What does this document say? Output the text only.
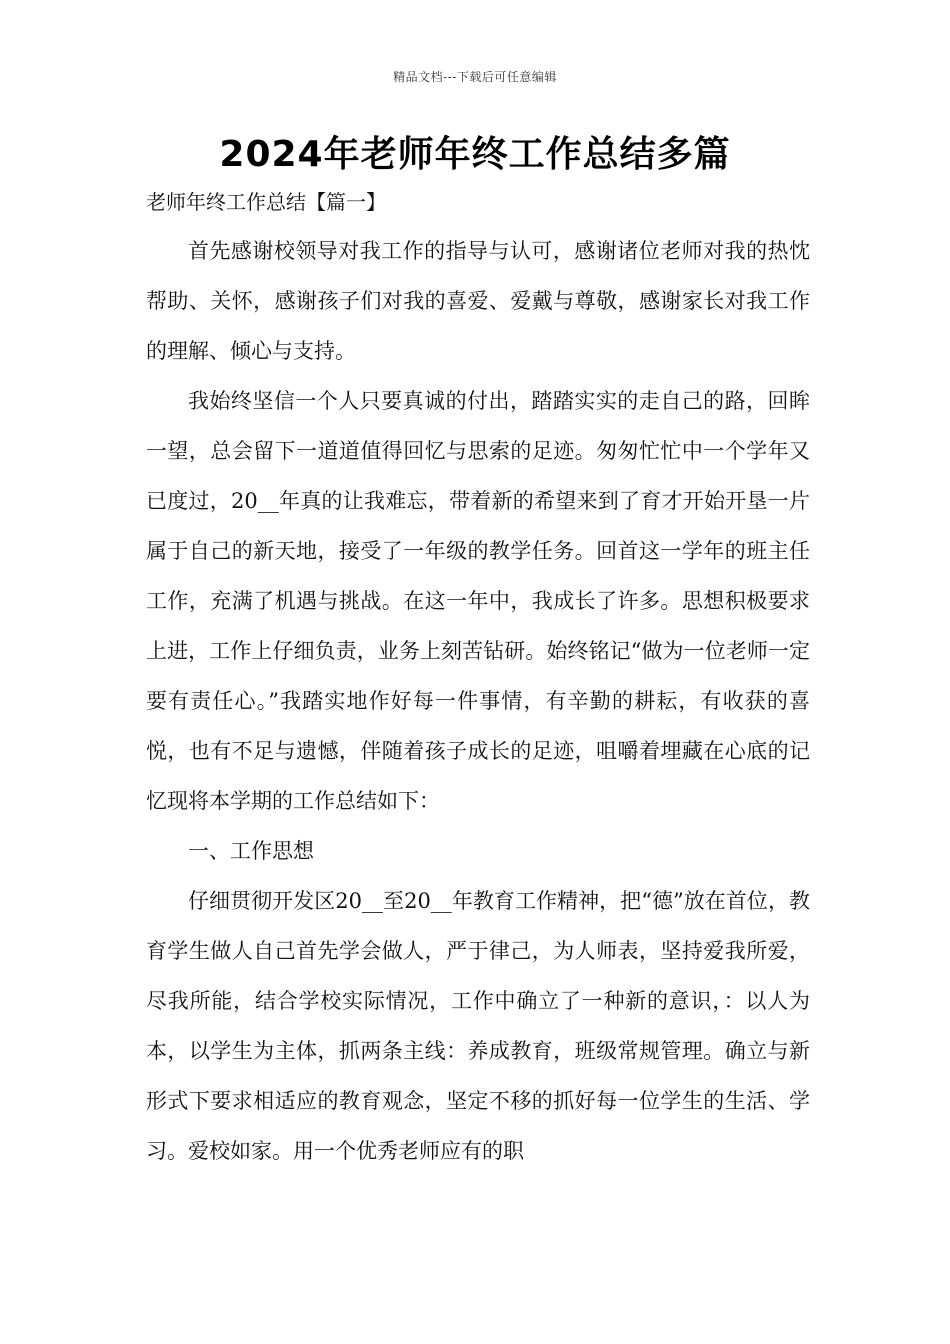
精品文档---下载后可任意编辑
2024年老师年终工作总结多篇
老师年终工作总结【篇一】

首先感谢校领导对我工作的指导与认可，感谢诸位老师对我的热忱帮助、关怀，感谢孩子们对我的喜爱、爱戴与尊敬，感谢家长对我工作的理解、倾心与支持。

我始终坚信一个人只要真诚的付出，踏踏实实的走自己的路，回眸一望，总会留下一道道值得回忆与思索的足迹。匆匆忙忙中一个学年又已度过，20__年真的让我难忘，带着新的希望来到了育才开始开垦一片属于自己的新天地，接受了一年级的教学任务。回首这一学年的班主任工作，充满了机遇与挑战。在这一年中，我成长了许多。思想积极要求上进，工作上仔细负责，业务上刻苦钻研。始终铭记“做为一位老师一定要有责任心。”我踏实地作好每一件事情，有辛勤的耕耘，有收获的喜悦，也有不足与遗憾，伴随着孩子成长的足迹，咀嚼着埋藏在心底的记忆现将本学期的工作总结如下：

一、工作思想

仔细贯彻开发区20__至20__年教育工作精神，把“德”放在首位，教育学生做人自己首先学会做人，严于律己，为人师表，坚持爱我所爱，尽我所能，结合学校实际情况，工作中确立了一种新的意识，：以人为本，以学生为主体，抓两条主线：养成教育，班级常规管理。确立与新形式下要求相适应的教育观念，坚定不移的抓好每一位学生的生活、学习。爱校如家。用一个优秀老师应有的职
